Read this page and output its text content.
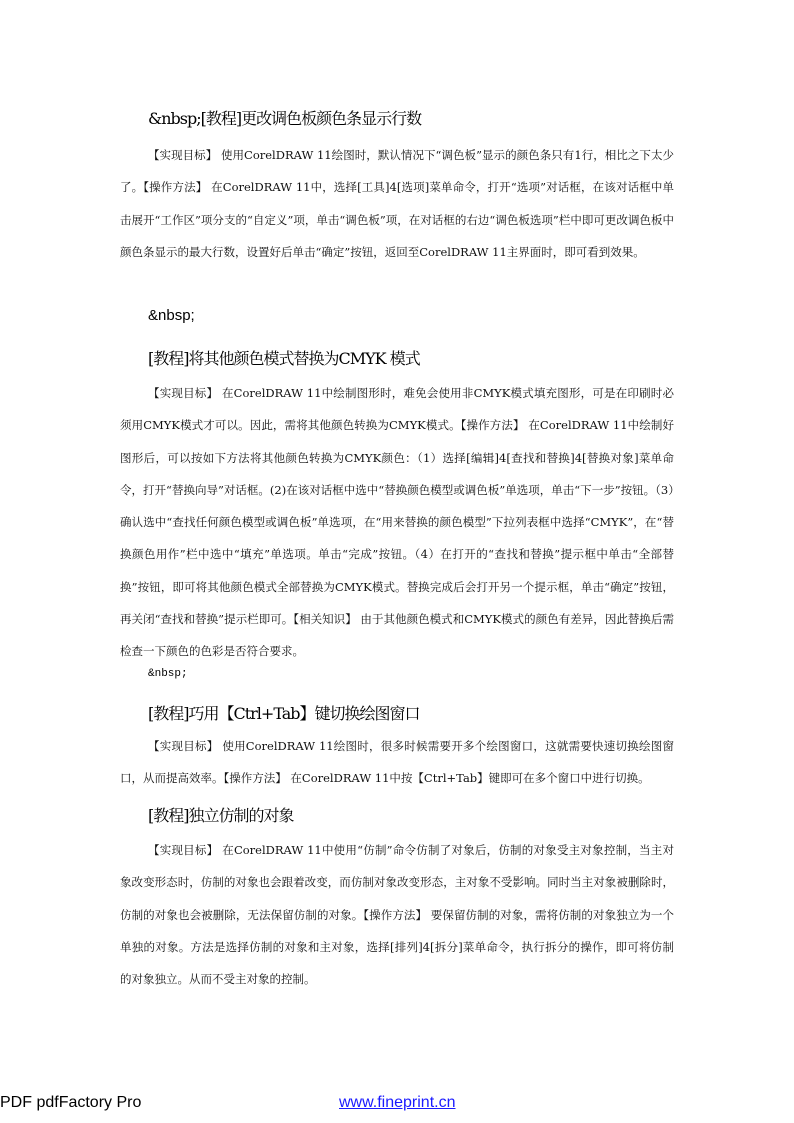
&nbsp;[教程]更改调色板颜色条显示行数

【实现目标】 使用CorelDRAW 11绘图时，默认情况下“调色板”显示的颜色条只有1行，相比之下太少了。【操作方法】 在CorelDRAW 11中，选择[工具]4[选项]菜单命令，打开“选项”对话框，在该对话框中单击展开“工作区”项分支的“自定义”项，单击“调色板”项，在对话框的右边“调色板选项”栏中即可更改调色板中颜色条显示的最大行数，设置好后单击“确定”按钮，返回至CorelDRAW 11主界面时，即可看到效果。

&nbsp;
[教程]将其他颜色模式替换为CMYK 模式

【实现目标】 在CorelDRAW 11中绘制图形时，难免会使用非CMYK模式填充图形，可是在印刷时必须用CMYK模式才可以。因此，需将其他颜色转换为CMYK模式。【操作方法】 在CorelDRAW 11中绘制好图形后，可以按如下方法将其他颜色转换为CMYK颜色：（1）选择[编辑]4[查找和替换]4[替换对象]菜单命令，打开“替换向导”对话框。(2)在该对话框中选中“替换颜色模型或调色板”单选项，单击“下一步”按钮。（3）确认选中“查找任何颜色模型或调色板”单选项，在“用来替换的颜色模型”下拉列表框中选择“CMYK”，在“替换颜色用作”栏中选中“填充”单选项。单击“完成”按钮。（4）在打开的“查找和替换”提示框中单击“全部替换”按钮，即可将其他颜色模式全部替换为CMYK模式。替换完成后会打开另一个提示框，单击“确定”按钮，再关闭“查找和替换”提示栏即可。【相关知识】 由于其他颜色模式和CMYK模式的颜色有差异，因此替换后需检查一下颜色的色彩是否符合要求。

&nbsp;
[教程]巧用【Ctrl+Tab】键切换绘图窗口

【实现目标】 使用CorelDRAW 11绘图时，很多时候需要开多个绘图窗口，这就需要快速切换绘图窗口，从而提高效率。【操作方法】 在CorelDRAW 11中按【Ctrl+Tab】键即可在多个窗口中进行切换。

[教程]独立仿制的对象

【实现目标】 在CorelDRAW 11中使用“仿制”命令仿制了对象后，仿制的对象受主对象控制，当主对象改变形态时，仿制的对象也会跟着改变，而仿制对象改变形态，主对象不受影响。同时当主对象被删除时，仿制的对象也会被删除，无法保留仿制的对象。【操作方法】 要保留仿制的对象，需将仿制的对象独立为一个单独的对象。方法是选择仿制的对象和主对象，选择[排列]4[拆分]菜单命令，执行拆分的操作，即可将仿制的对象独立。从而不受主对象的控制。

PDF pdfFactory Pro	www.fineprint.cn
